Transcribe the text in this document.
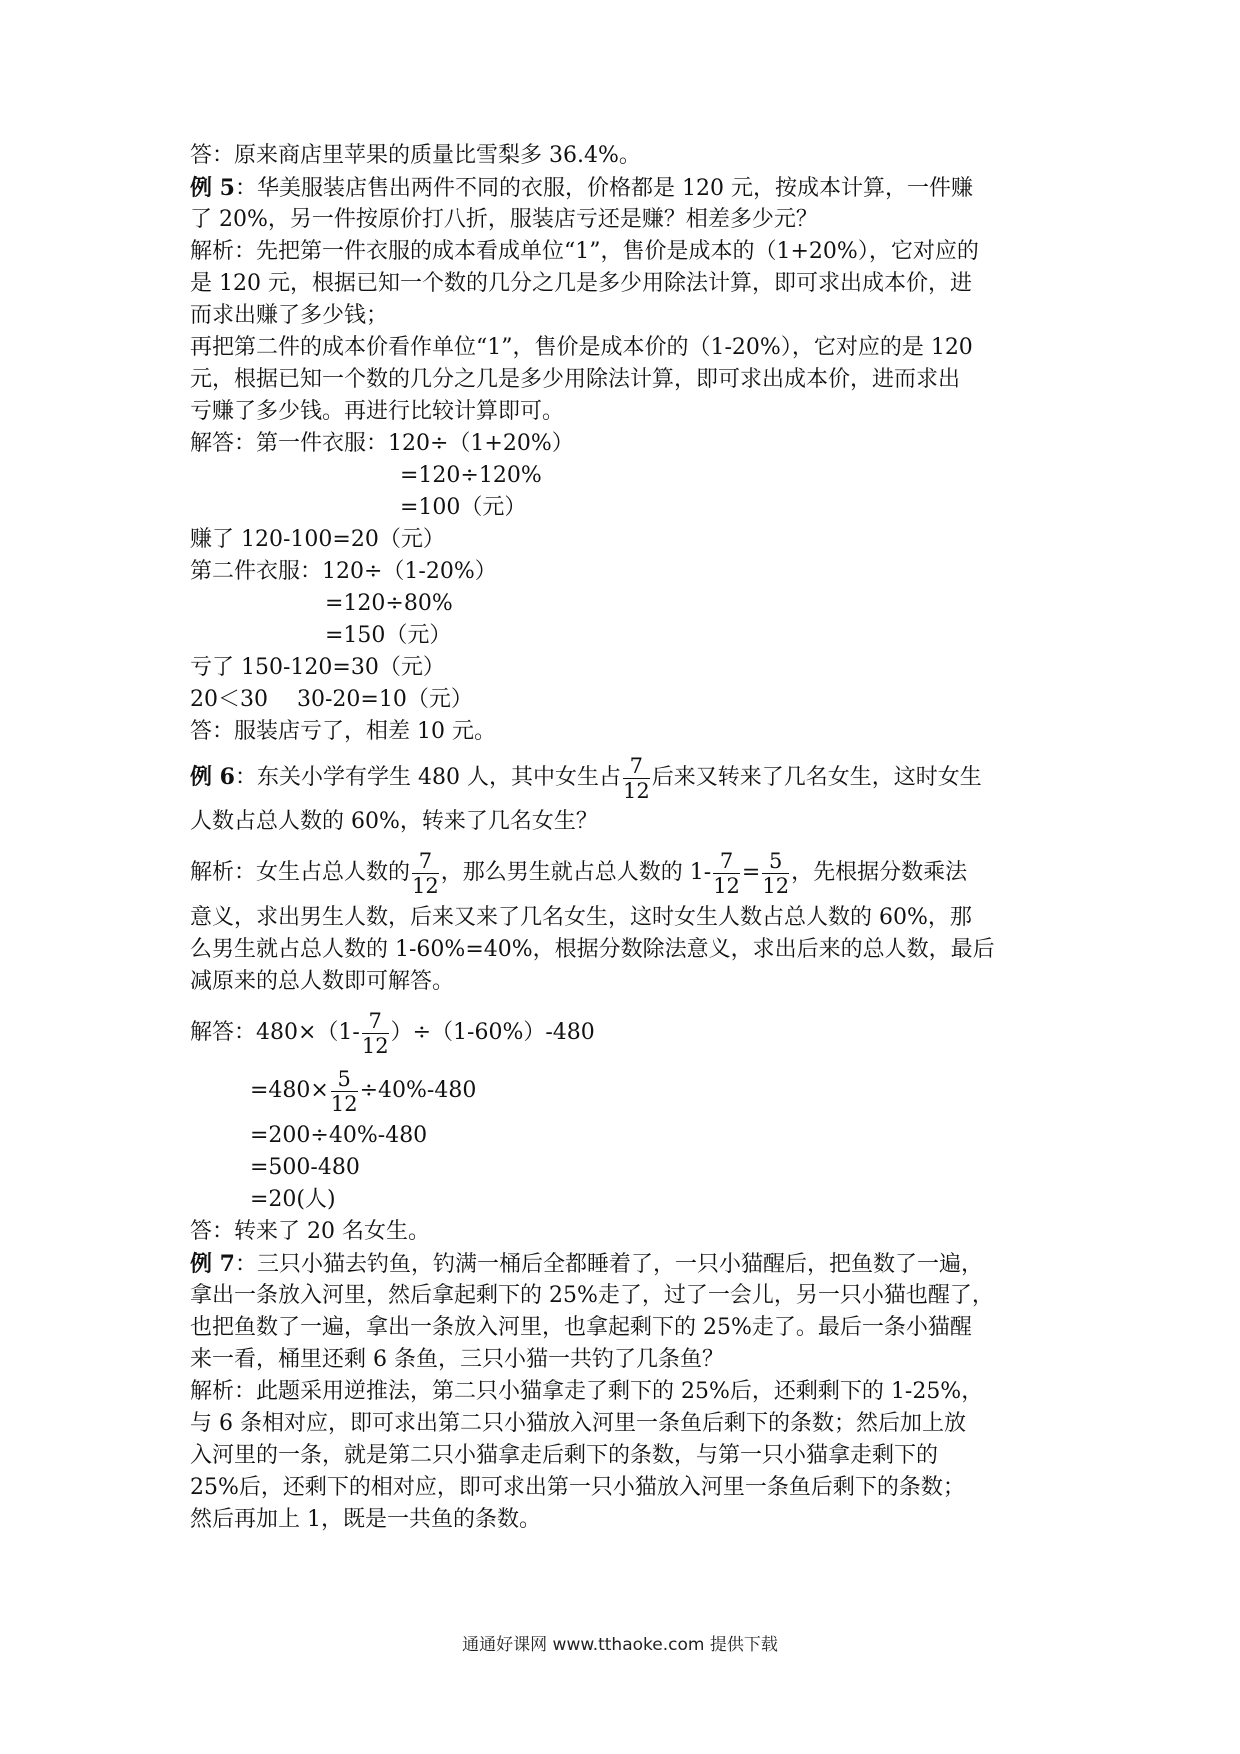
答：原来商店里苹果的质量比雪梨多 36.4%。
例 5：华美服装店售出两件不同的衣服，价格都是 120 元，按成本计算，一件赚
了 20%，另一件按原价打八折，服装店亏还是赚？相差多少元？
解析：先把第一件衣服的成本看成单位“1”，售价是成本的（1+20%），它对应的
是 120 元，根据已知一个数的几分之几是多少用除法计算，即可求出成本价，进
而求出赚了多少钱；
再把第二件的成本价看作单位“1”，售价是成本价的（1-20%），它对应的是 120
元，根据已知一个数的几分之几是多少用除法计算，即可求出成本价，进而求出
亏赚了多少钱。再进行比较计算即可。
解答：第一件衣服：120÷（1+20%）
=120÷120%
=100（元）
赚了 120-100=20（元）
第二件衣服：120÷（1-20%）
=120÷80%
=150（元）
亏了 150-120=30（元）
20＜30　 30-20=10（元）
答：服装店亏了，相差 10 元。
例 6：东关小学有学生 480 人，其中女生占 $\frac{7}{12}$ 后来又转来了几名女生，这时女生
人数占总人数的 60%，转来了几名女生？
解析：女生占总人数的 $\frac{7}{12}$ ，那么男生就占总人数的 $1- \frac{7}{12} = \frac{5}{12}$ ，先根据分数乘法
意义，求出男生人数，后来又来了几名女生，这时女生人数占总人数的 60%，那
么男生就占总人数的 1-60%=40%，根据分数除法意义，求出后来的总人数，最后
减原来的总人数即可解答。
解答：$480\times(1- \frac{7}{12} )\div(1-60\%)-480$
$=480\times \frac{5}{12} \div 40\%-480$
=200÷40%-480
=500-480
=20(人)
答：转来了 20 名女生。
例 7：三只小猫去钓鱼，钓满一桶后全都睡着了，一只小猫醒后，把鱼数了一遍，
拿出一条放入河里，然后拿起剩下的 25%走了，过了一会儿，另一只小猫也醒了，
也把鱼数了一遍，拿出一条放入河里，也拿起剩下的 25%走了。最后一条小猫醒
来一看，桶里还剩 6 条鱼，三只小猫一共钓了几条鱼？
解析：此题采用逆推法，第二只小猫拿走了剩下的 25%后，还剩剩下的 1-25%，
与 6 条相对应，即可求出第二只小猫放入河里一条鱼后剩下的条数；然后加上放
入河里的一条，就是第二只小猫拿走后剩下的条数，与第一只小猫拿走剩下的
25%后，还剩下的相对应，即可求出第一只小猫放入河里一条鱼后剩下的条数；
然后再加上 1，既是一共鱼的条数。
通通好课网 www.tthaoke.com 提供下载
